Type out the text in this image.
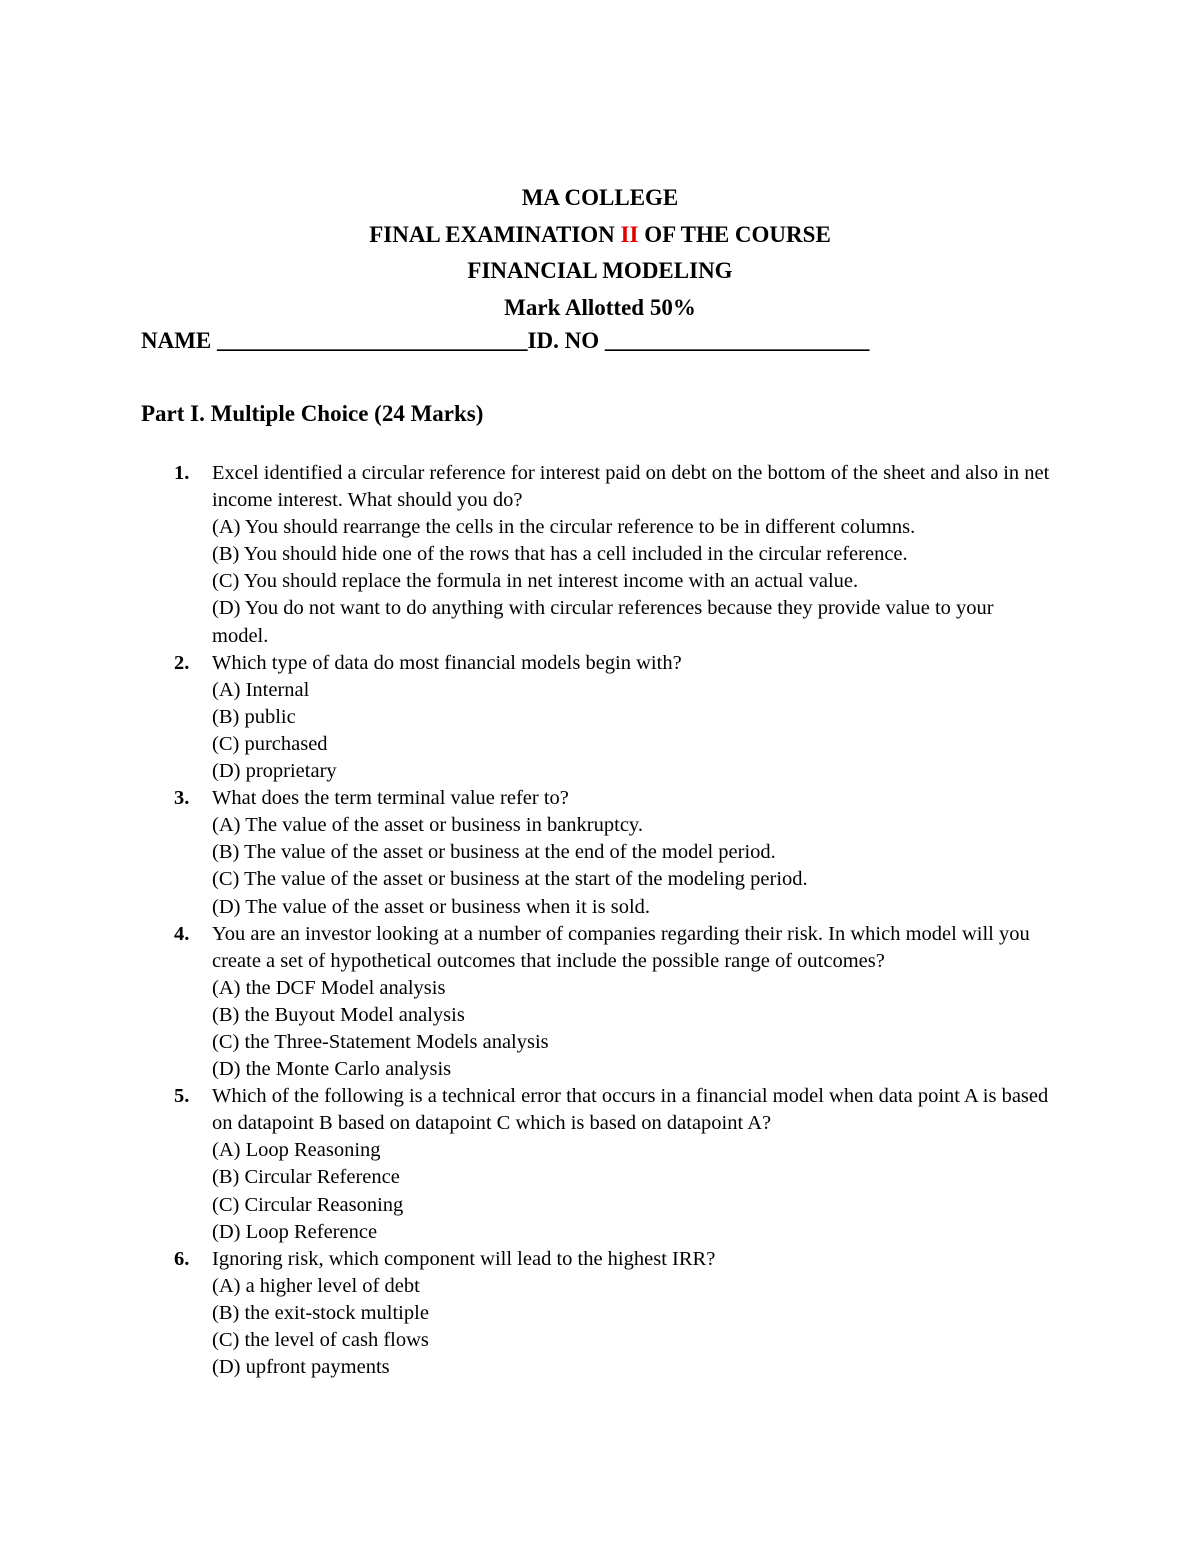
MA COLLEGE
FINAL EXAMINATION II OF THE COURSE
FINANCIAL MODELING
Mark Allotted 50%
NAME ___________________________ID. NO _______________________
Part I. Multiple Choice (24 Marks)
1. Excel identified a circular reference for interest paid on debt on the bottom of the sheet and also in net income interest. What should you do?
(A) You should rearrange the cells in the circular reference to be in different columns.
(B) You should hide one of the rows that has a cell included in the circular reference.
(C) You should replace the formula in net interest income with an actual value.
(D) You do not want to do anything with circular references because they provide value to your model.
2. Which type of data do most financial models begin with?
(A) Internal
(B) public
(C) purchased
(D) proprietary
3. What does the term terminal value refer to?
(A) The value of the asset or business in bankruptcy.
(B) The value of the asset or business at the end of the model period.
(C) The value of the asset or business at the start of the modeling period.
(D) The value of the asset or business when it is sold.
4. You are an investor looking at a number of companies regarding their risk. In which model will you create a set of hypothetical outcomes that include the possible range of outcomes?
(A) the DCF Model analysis
(B) the Buyout Model analysis
(C) the Three-Statement Models analysis
(D) the Monte Carlo analysis
5. Which of the following is a technical error that occurs in a financial model when data point A is based on datapoint B based on datapoint C which is based on datapoint A?
(A) Loop Reasoning
(B) Circular Reference
(C) Circular Reasoning
(D) Loop Reference
6. Ignoring risk, which component will lead to the highest IRR?
(A) a higher level of debt
(B) the exit-stock multiple
(C) the level of cash flows
(D) upfront payments
